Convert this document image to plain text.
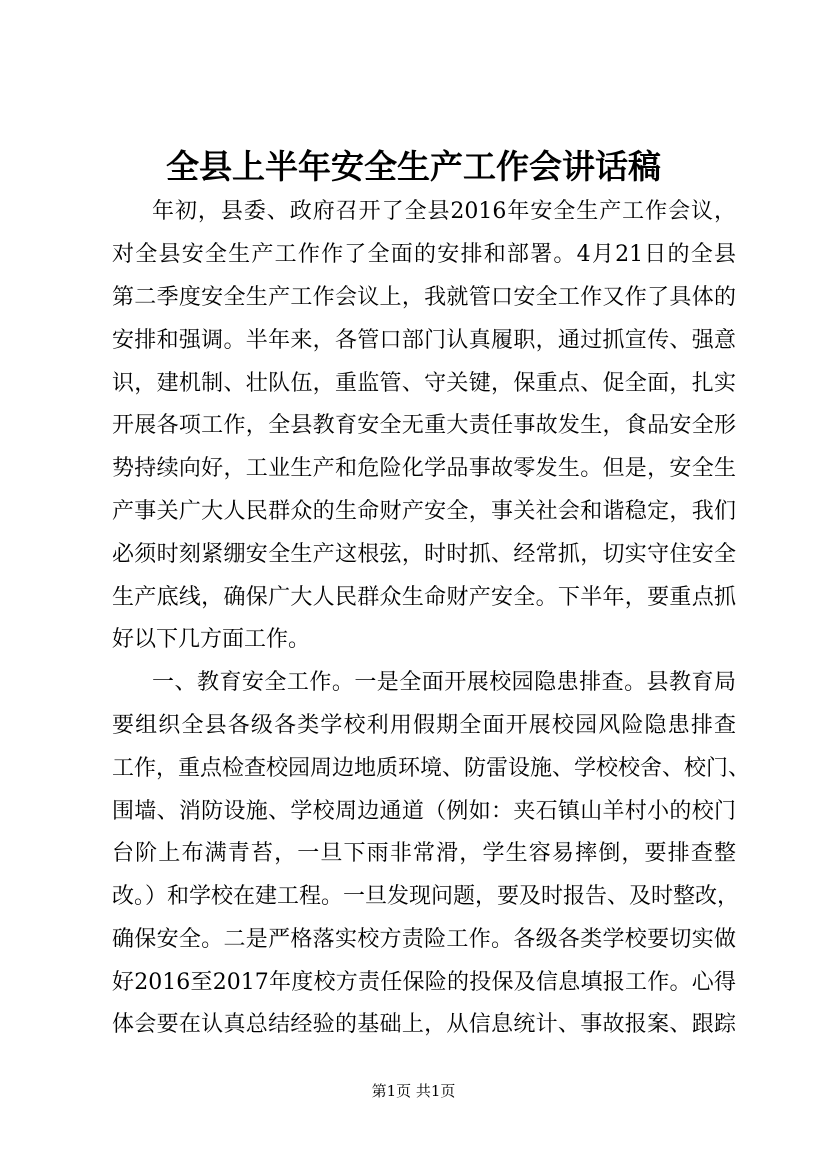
全县上半年安全生产工作会讲话稿
年初，县委、政府召开了全县2016年安全生产工作会议，
对全县安全生产工作作了全面的安排和部署。4月21日的全县
第二季度安全生产工作会议上，我就管口安全工作又作了具体的
安排和强调。半年来，各管口部门认真履职，通过抓宣传、强意
识，建机制、壮队伍，重监管、守关键，保重点、促全面，扎实
开展各项工作，全县教育安全无重大责任事故发生，食品安全形
势持续向好，工业生产和危险化学品事故零发生。但是，安全生
产事关广大人民群众的生命财产安全，事关社会和谐稳定，我们
必须时刻紧绷安全生产这根弦，时时抓、经常抓，切实守住安全
生产底线，确保广大人民群众生命财产安全。下半年，要重点抓
好以下几方面工作。
一、教育安全工作。一是全面开展校园隐患排查。县教育局
要组织全县各级各类学校利用假期全面开展校园风险隐患排查
工作，重点检查校园周边地质环境、防雷设施、学校校舍、校门、
围墙、消防设施、学校周边通道（例如：夹石镇山羊村小的校门
台阶上布满青苔，一旦下雨非常滑，学生容易摔倒，要排查整
改。）和学校在建工程。一旦发现问题，要及时报告、及时整改，
确保安全。二是严格落实校方责险工作。各级各类学校要切实做
好2016至2017年度校方责任保险的投保及信息填报工作。心得
体会要在认真总结经验的基础上，从信息统计、事故报案、跟踪
第1页 共1页
